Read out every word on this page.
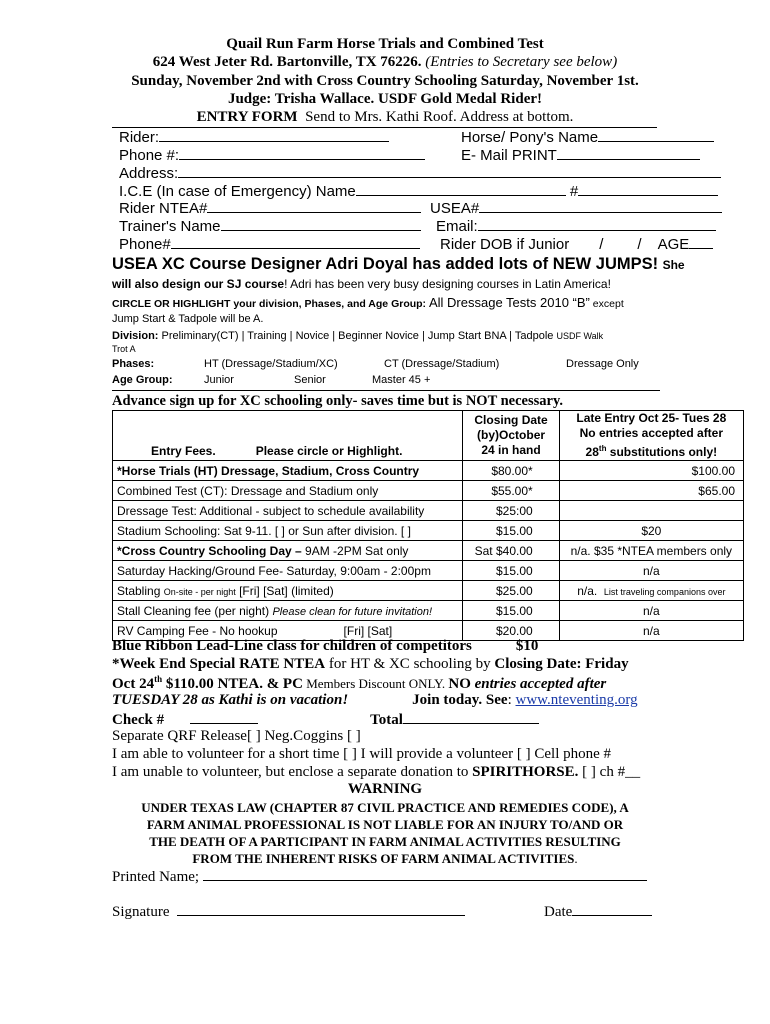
Quail Run Farm Horse Trials and Combined Test
624 West Jeter Rd. Bartonville, TX 76226. (Entries to Secretary see below)
Sunday, November 2nd with Cross Country Schooling Saturday, November 1st.
Judge: Trisha Wallace. USDF Gold Medal Rider!
ENTRY FORM Send to Mrs. Kathi Roof. Address at bottom.
Rider:	Horse/ Pony's Name
Phone #:	E- Mail PRINT
Address:
I.C.E (In case of Emergency) Name	#
Rider NTEA#	USEA#
Trainer's Name	Email:
Phone#	Rider DOB if Junior / / AGE
USEA XC Course Designer Adri Doyal has added lots of NEW JUMPS! She
will also design our SJ course! Adri has been very busy designing courses in Latin America!
CIRCLE OR HIGHLIGHT your division, Phases, and Age Group: All Dressage Tests 2010 “B” except
Jump Start & Tadpole will be A.
Division: Preliminary(CT) | Training | Novice | Beginner Novice | Jump Start BNA | Tadpole USDF Walk
Trot A
Phases:	HT (Dressage/Stadium/XC)	CT (Dressage/Stadium)	Dressage Only
Age Group:	Junior	Senior	Master 45 +
Advance sign up for XC schooling only- saves time but is NOT necessary.
Entry Fees. Please circle or Highlight.	Closing Date
(by)October
24 in hand	Late Entry Oct 25- Tues 28
No entries accepted after
28th substitutions only!
*Horse Trials (HT) Dressage, Stadium, Cross Country	$80.00*	$100.00
Combined Test (CT): Dressage and Stadium only	$55.00*	$65.00
Dressage Test: Additional - subject to schedule availability	$25:00	
Stadium Schooling: Sat 9-11. [ ] or Sun after division. [ ]	$15.00	$20
*Cross Country Schooling Day – 9AM -2PM Sat only	Sat $40.00	n/a. $35 *NTEA members only
Saturday Hacking/Ground Fee- Saturday, 9:00am - 2:00pm	$15.00	n/a
Stabling On-site - per night [Fri] [Sat] (limited)	$25.00	n/a. List traveling companions over
Stall Cleaning fee (per night) Please clean for future invitation!	$15.00	n/a
RV Camping Fee - No hookup [Fri] [Sat]	$20.00	n/a
Blue Ribbon Lead-Line class for children of competitors	$10
*Week End Special RATE NTEA for HT & XC schooling by Closing Date: Friday
Oct 24th $110.00 NTEA. & PC Members Discount ONLY. NO entries accepted after
TUESDAY 28 as Kathi is on vacation!	Join today. See: www.nteventing.org
Check #	Total
Separate QRF Release[ ] Neg.Coggins [ ]
I am able to volunteer for a short time [ ] I will provide a volunteer [ ] Cell phone #
I am unable to volunteer, but enclose a separate donation to SPIRITHORSE. [ ] ch #__
WARNING
UNDER TEXAS LAW (CHAPTER 87 CIVIL PRACTICE AND REMEDIES CODE), A
FARM ANIMAL PROFESSIONAL IS NOT LIABLE FOR AN INJURY TO/AND OR
THE DEATH OF A PARTICIPANT IN FARM ANIMAL ACTIVITIES RESULTING
FROM THE INHERENT RISKS OF FARM ANIMAL ACTIVITIES.
Printed Name;
Signature	Date
